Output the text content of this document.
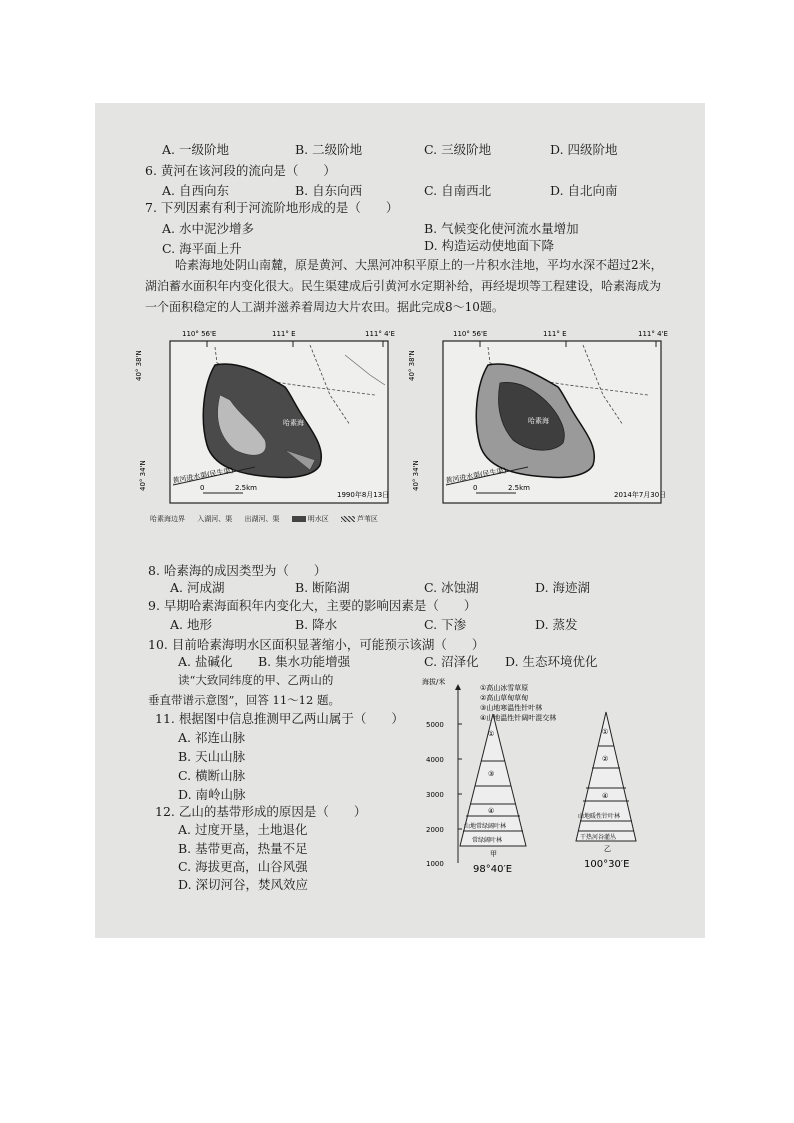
A. 一级阶地	B. 二级阶地	C. 三级阶地	D. 四级阶地
6. 黄河在该河段的流向是（　　）
A. 自西向东	B. 自东向西	C. 自南西北	D. 自北向南
7. 下列因素有利于河流阶地形成的是（　　）
A. 水中泥沙增多	B. 气候变化使河流水量增加
C. 海平面上升	D. 构造运动使地面下降
哈素海地处阴山南麓，原是黄河、大黑河冲积平原上的一片积水洼地，平均水深不超过2米，湖泊蓄水面积年内变化很大。民生渠建成后引黄河水定期补给，再经堤坝等工程建设，哈素海成为一个面积稳定的人工湖并滋养着周边大片农田。据此完成8～10题。
110° 56'E	111° E	111° 4'E
哈素海
40° 38'N
40° 34'N	黄河进水渠(民生渠)
0	2.5km
1990年8月13日
110° 56'E	111° E	111° 4'E
哈素海
40° 38'N
40° 34'N	黄河进水渠(民生渠)
0	2.5km
2014年7月30日
哈素海边界 入湖河、渠 出湖河、渠	明水区	芦苇区
8. 哈素海的成因类型为（　　）
A. 河成湖	B. 断陷湖	C. 冰蚀湖	D. 海迹湖
9. 早期哈素海面积年内变化大，主要的影响因素是（　　）
A. 地形	B. 降水	C. 下渗	D. 蒸发
10. 目前哈素海明水区面积显著缩小，可能预示该湖（　　）
A. 盐碱化 B. 集水功能增强	C. 沼泽化 D. 生态环境优化
读“大致同纬度的甲、乙两山的
垂直带谱示意图”，回答 11～12 题。
11. 根据图中信息推测甲乙两山属于（　　）
A. 祁连山脉
B. 天山山脉
C. 横断山脉
D. 南岭山脉
12. 乙山的基带形成的原因是（　　）
A. 过度开垦，土地退化
B. 基带更高，热量不足
C. 海拔更高，山谷风强
D. 深切河谷，焚风效应
海拔/米
5000
4000
3000
2000
1000
①高山冰雪草原
②高山草甸草甸
③山地寒温性针叶林
④山地温性针阔叶混交林
①
③
④
山地常绿阔叶林
常绿阔叶林
甲
98°40′E
①
②
④
山地暖性针叶林
干热河谷灌丛
乙
100°30′E
